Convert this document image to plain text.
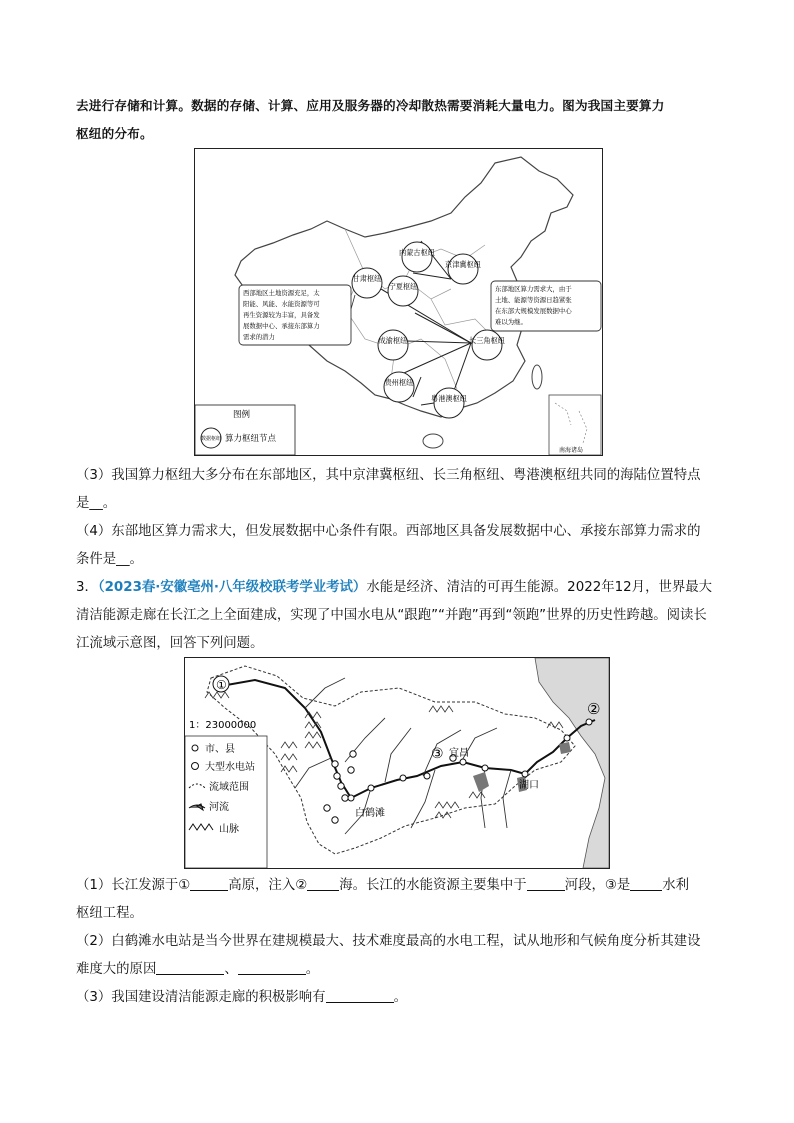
去进行存储和计算。数据的存储、计算、应用及服务器的冷却散热需要消耗大量电力。图为我国主要算力
枢纽的分布。
南海诸岛
西部地区土地资源充足，太 阳能、风能、水能资源等可 再生资源较为丰富，具备发 展数据中心、承接东部算力 需求的潜力
东部地区算力需求大，由于 土地、能源等资源日趋紧张 在东部大规模发展数据中心 难以为继。
内蒙古枢纽
京津冀枢纽
甘肃枢纽
宁夏枢纽
成渝枢纽	长三角枢纽
贵州枢纽
粤港澳枢纽
图例
数据枢纽 算力枢纽节点
（3）我国算力枢纽大多分布在东部地区，其中京津冀枢纽、长三角枢纽、粤港澳枢纽共同的海陆位置特点
是__。
（4）东部地区算力需求大，但发展数据中心条件有限。西部地区具备发展数据中心、承接东部算力需求的
条件是__。
3．（2023春·安徽亳州·八年级校联考学业考试）水能是经济、清洁的可再生能源。2022年12月，世界最大
清洁能源走廊在长江之上全面建成，实现了中国水电从“跟跑”“并跑”再到“领跑”世界的历史性跨越。阅读长
江流域示意图，回答下列问题。
①
②
③ 宜昌
湖口
白鹤滩
1：23000000
市、县
大型水电站
流域范围
河流
山脉
（1）长江发源于①	高原，注入② 海。长江的水能资源主要集中于	河段，③是 水利
枢纽工程。
（2）白鹤滩水电站是当今世界在建规模最大、技术难度最高的水电工程，试从地形和气候角度分析其建设
难度大的原因	、	。
（3）我国建设清洁能源走廊的积极影响有	。
